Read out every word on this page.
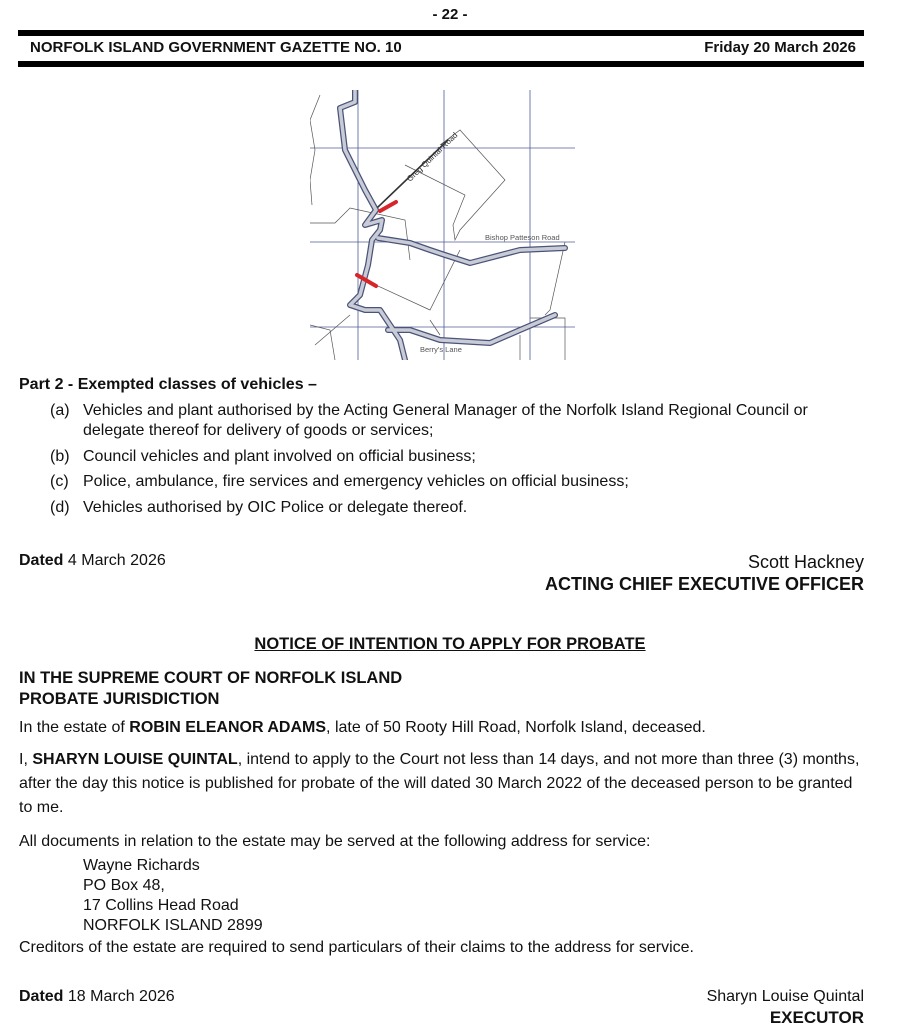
- 22 -
NORFOLK ISLAND GOVERNMENT GAZETTE NO. 10	Friday 20 March 2026
Greg Quintal Road
Bishop Patteson Road
Berry's Lane
Part 2 - Exempted classes of vehicles –
(a) Vehicles and plant authorised by the Acting General Manager of the Norfolk Island Regional Council or delegate thereof for delivery of goods or services;
(b) Council vehicles and plant involved on official business;
(c) Police, ambulance, fire services and emergency vehicles on official business;
(d) Vehicles authorised by OIC Police or delegate thereof.
Dated 4 March 2026	Scott Hackney
ACTING CHIEF EXECUTIVE OFFICER
NOTICE OF INTENTION TO APPLY FOR PROBATE
IN THE SUPREME COURT OF NORFOLK ISLAND
PROBATE JURISDICTION
In the estate of ROBIN ELEANOR ADAMS, late of 50 Rooty Hill Road, Norfolk Island, deceased.
I, SHARYN LOUISE QUINTAL, intend to apply to the Court not less than 14 days, and not more than three (3) months, after the day this notice is published for probate of the will dated 30 March 2022 of the deceased person to be granted to me.
All documents in relation to the estate may be served at the following address for service:
Wayne Richards
PO Box 48,
17 Collins Head Road
NORFOLK ISLAND 2899
Creditors of the estate are required to send particulars of their claims to the address for service.
Dated 18 March 2026	Sharyn Louise Quintal
EXECUTOR
